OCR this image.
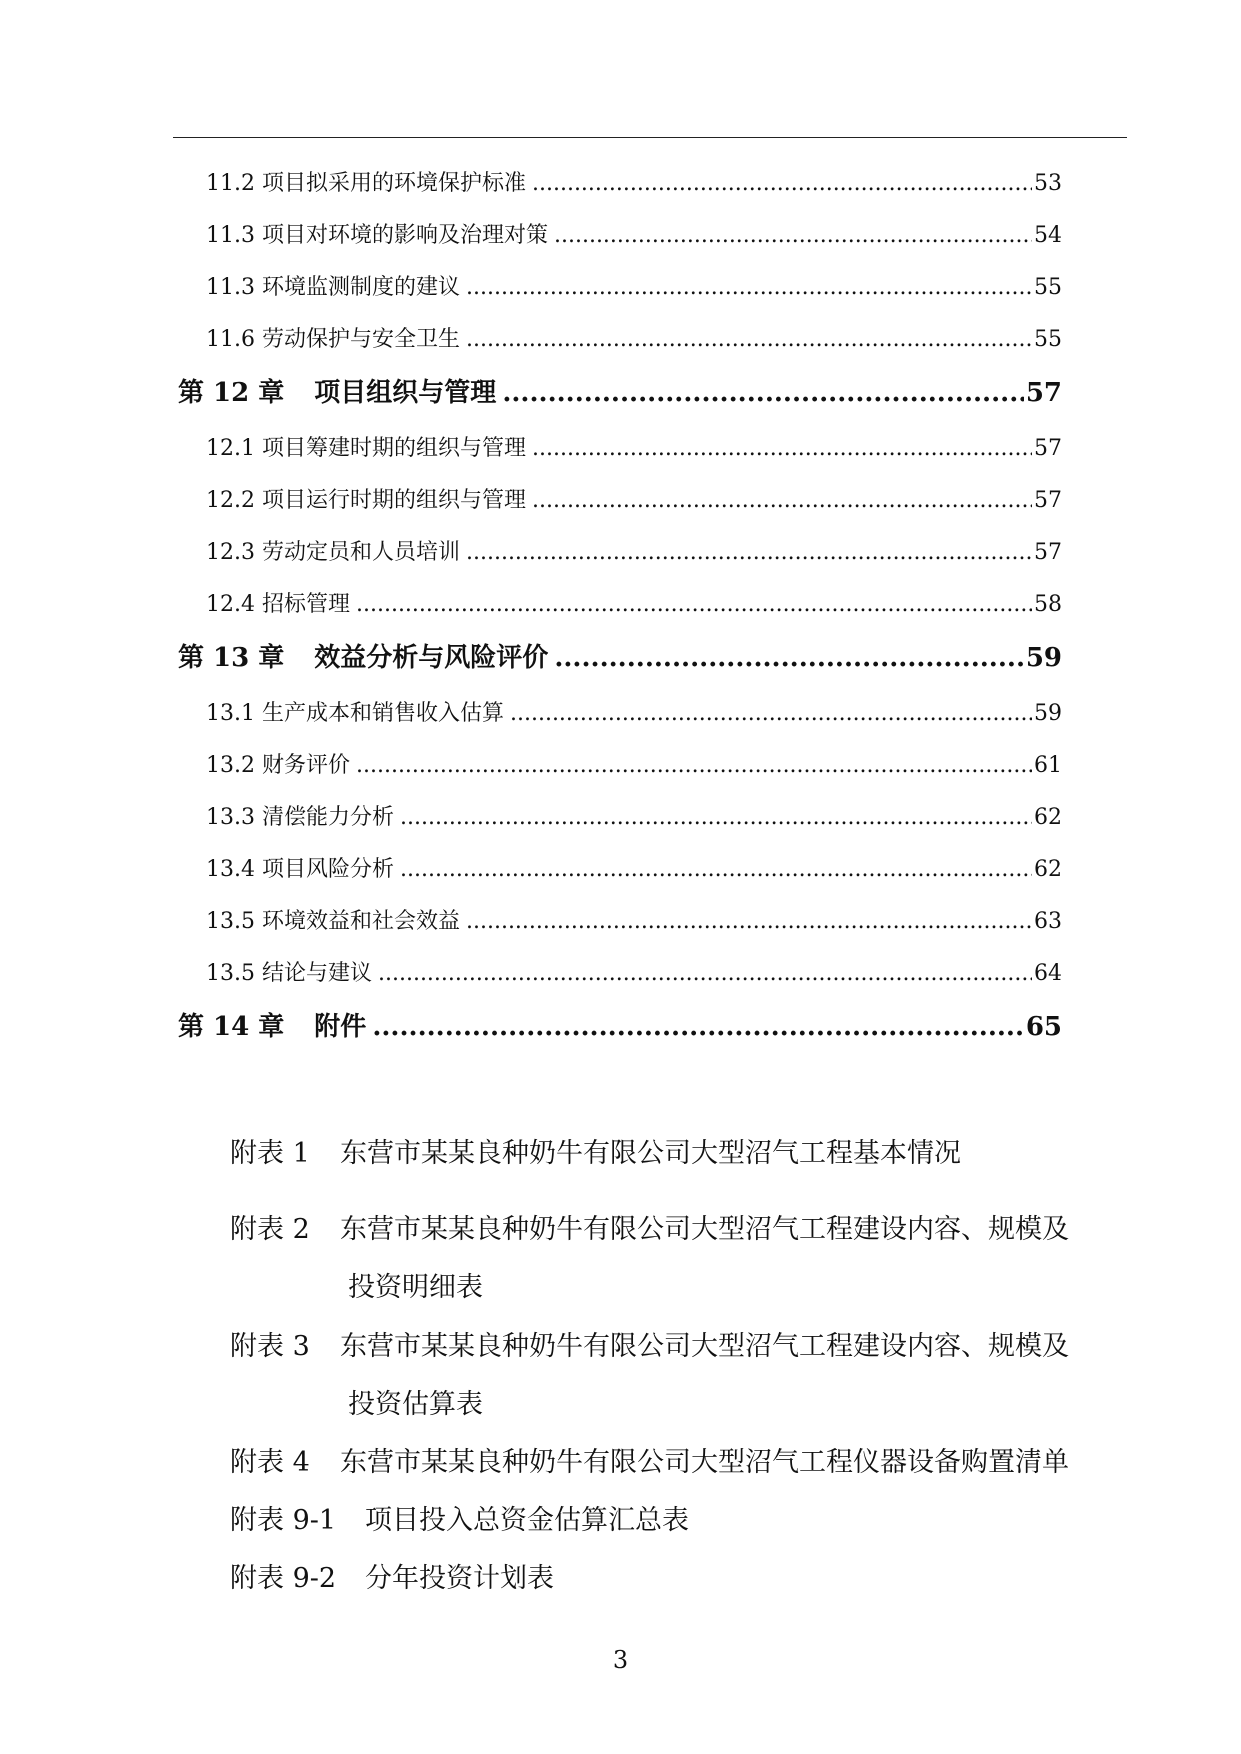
11.2 项目拟采用的环境保护标准 .....	53
11.3 项目对环境的影响及治理对策 .....	54
11.3 环境监测制度的建议 .....	55
11.6 劳动保护与安全卫生 .....	55
第 12 章 项目组织与管理 .....	57
12.1 项目筹建时期的组织与管理 .....	57
12.2 项目运行时期的组织与管理 .....	57
12.3 劳动定员和人员培训 .....	57
12.4 招标管理 .....	58
第 13 章 效益分析与风险评价 .....	59
13.1 生产成本和销售收入估算 .....	59
13.2 财务评价 .....	61
13.3 清偿能力分析 .....	62
13.4 项目风险分析 .....	62
13.5 环境效益和社会效益 .....	63
13.5 结论与建议 .....	64
第 14 章 附件 .....	65
附表 1 东营市某某良种奶牛有限公司大型沼气工程基本情况
附表 2 东营市某某良种奶牛有限公司大型沼气工程建设内容、规模及
投资明细表
附表 3 东营市某某良种奶牛有限公司大型沼气工程建设内容、规模及
投资估算表
附表 4 东营市某某良种奶牛有限公司大型沼气工程仪器设备购置清单
附表 9-1 项目投入总资金估算汇总表
附表 9-2 分年投资计划表
3
